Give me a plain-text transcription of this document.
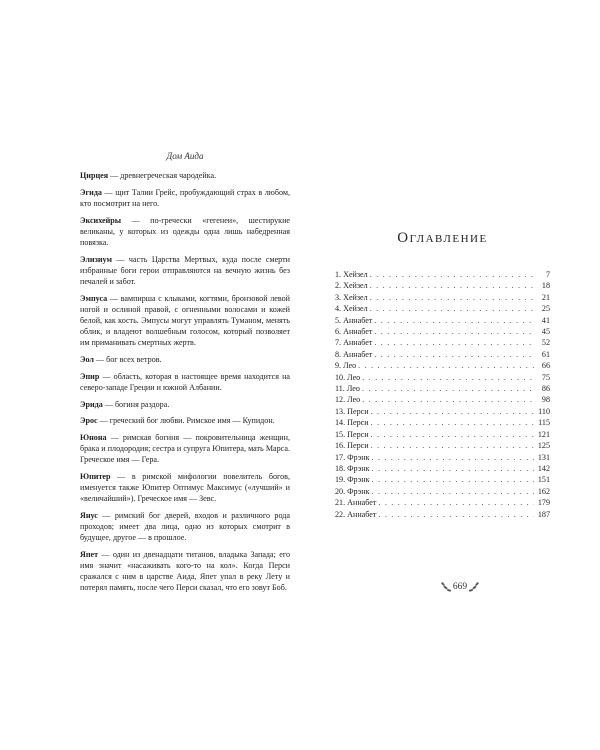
Дом Аида

Цирцея — древнегреческая чародейка.

Эгида — щит Талии Грейс, пробуждающий страх в любом, кто посмотрит на него.

Эксихейры — по-гречески «гегенеи», шестирукие великаны, у которых из одежды одна лишь набедренная повязка.

Элизиум — часть Царства Мертвых, куда после смерти избранные боги герои отправляются на вечную жизнь без печалей и забот.

Эмпуса — вампирша с клыками, когтями, бронзовой левой ногой и ослиной правой, с огненными волосами и кожей белой, как кость. Эмпусы могут управлять Туманом, менять облик, и владеют волшебным голосом, который позволяет им приманивать смертных жертв.

Эол — бог всех ветров.

Эпир — область, которая в настоящее время находится на северо-западе Греции и южной Албании.

Эрида — богиня раздора.

Эрос — греческий бог любви. Римское имя — Купидон.

Юнона — римская богиня — покровительница женщин, брака и плодородия; сестра и супруга Юпитера, мать Марса. Греческое имя — Гера.

Юпитер — в римской мифологии повелитель богов, именуется также Юпитер Оптимус Максимус («лучший» и «величайший»). Греческое имя — Зевс.

Янус — римский бог дверей, входов и различного рода проходов; имеет два лица, одно из которых смотрит в будущее, другое — в прошлое.

Япет — один из двенадцати титанов, владыка Запада; его имя значит «насаживать кого-то на кол». Когда Перси сражался с ним в царстве Аида, Япет упал в реку Лету и потерял память, после чего Перси сказал, что его зовут Боб.

Оглавление
1. Хейзел . . .	7
2. Хейзел . . .	18
3. Хейзел . . .	21
4. Хейзел . . .	25
5. Аннабет . . .	41
6. Аннабет . . .	45
7. Аннабет . . .	52
8. Аннабет . . .	61
9. Лео . . .	66
10. Лео . . .	75
11. Лео . . .	86
12. Лео . . .	98
13. Перси . . .	110
14. Перси . . .	115
15. Перси . . .	121
16. Перси . . .	125
17. Фрэнк . . .	131
18. Фрэнк . . .	142
19. Фрэнк . . .	151
20. Фрэнк . . .	162
21. Аннабет . . .	179
22. Аннабет . . .	187
$_{669}$
